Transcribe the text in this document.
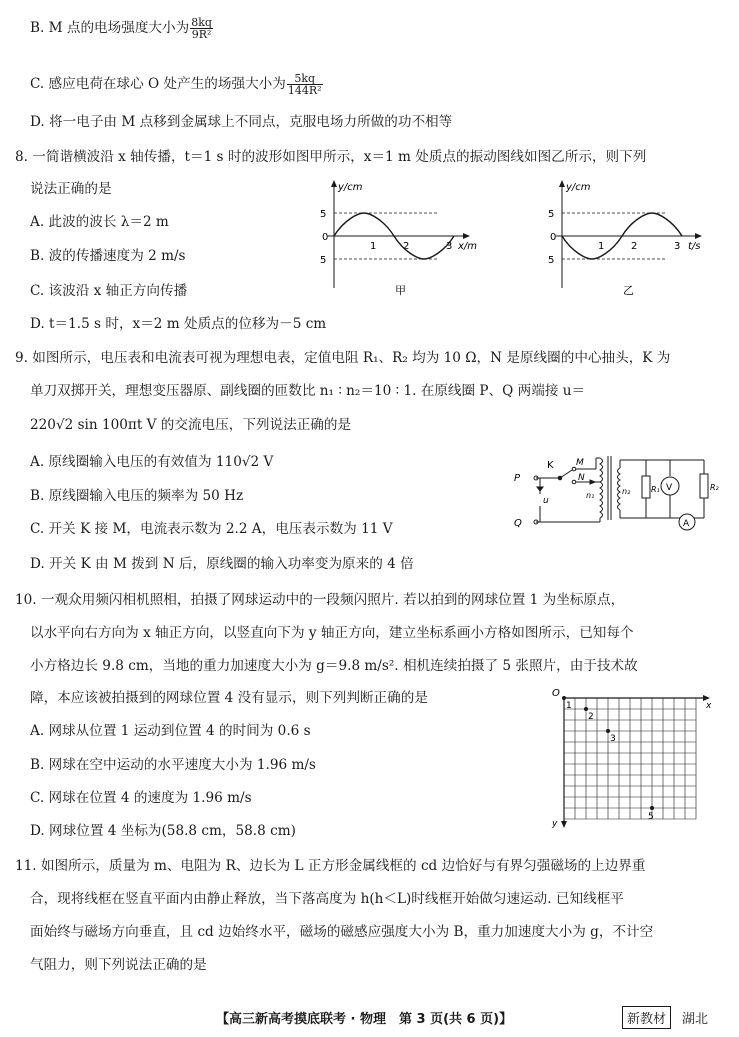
B. M 点的电场强度大小为 $\frac{8kq}{\text{9R²}}$
C. 感应电荷在球心 O 处产生的场强大小为 $\frac{5kq}{\text{144R²}}$
D. 将一电子由 M 点移到金属球上不同点，克服电场力所做的功不相等
8. 一简谐横波沿 x 轴传播，t＝1 s 时的波形如图甲所示，x＝1 m 处质点的振动图线如图乙所示，则下列
说法正确的是
A. 此波的波长 λ＝2 m
B. 波的传播速度为 2 m/s
C. 该波沿 x 轴正方向传播
D. t＝1.5 s 时，x＝2 m 处质点的位移为－5 cm
y/cm
5
0
5
1	2	3 x/m
甲
y/cm
5
0
5
1	2	3 t/s
乙
9. 如图所示，电压表和电流表可视为理想电表，定值电阻 R₁、R₂ 均为 10 Ω，N 是原线圈的中心抽头，K 为
单刀双掷开关，理想变压器原、副线圈的匝数比 n₁ ∶ n₂＝10 ∶ 1. 在原线圈 P、Q 两端接 u＝
220√2 sin 100πt V 的交流电压，下列说法正确的是
A. 原线圈输入电压的有效值为 110√2 V
B. 原线圈输入电压的频率为 50 Hz
C. 开关 K 接 M，电流表示数为 2.2 A，电压表示数为 11 V
D. 开关 K 由 M 拨到 N 后，原线圈的输入功率变为原来的 4 倍
P
Q
u
K M
N
n₁	n₂	R₁ V	R₂
A
10. 一观众用频闪相机照相，拍摄了网球运动中的一段频闪照片. 若以拍到的网球位置 1 为坐标原点，
以水平向右方向为 x 轴正方向，以竖直向下为 y 轴正方向，建立坐标系画小方格如图所示，已知每个
小方格边长 9.8 cm，当地的重力加速度大小为 g＝9.8 m/s². 相机连续拍摄了 5 张照片，由于技术故
障，本应该被拍摄到的网球位置 4 没有显示，则下列判断正确的是
A. 网球从位置 1 运动到位置 4 的时间为 0.6 s
B. 网球在空中运动的水平速度大小为 1.96 m/s
C. 网球在位置 4 的速度为 1.96 m/s
D. 网球位置 4 坐标为(58.8 cm，58.8 cm)
O
x
y
1
2
3
5
11. 如图所示，质量为 m、电阻为 R、边长为 L 正方形金属线框的 cd 边恰好与有界匀强磁场的上边界重
合，现将线框在竖直平面内由静止释放，当下落高度为 h(h＜L)时线框开始做匀速运动. 已知线框平
面始终与磁场方向垂直，且 cd 边始终水平，磁场的磁感应强度大小为 B，重力加速度大小为 g，不计空
气阻力，则下列说法正确的是
【高三新高考摸底联考 · 物理　第 3 页(共 6 页)】	新教材	湖北
